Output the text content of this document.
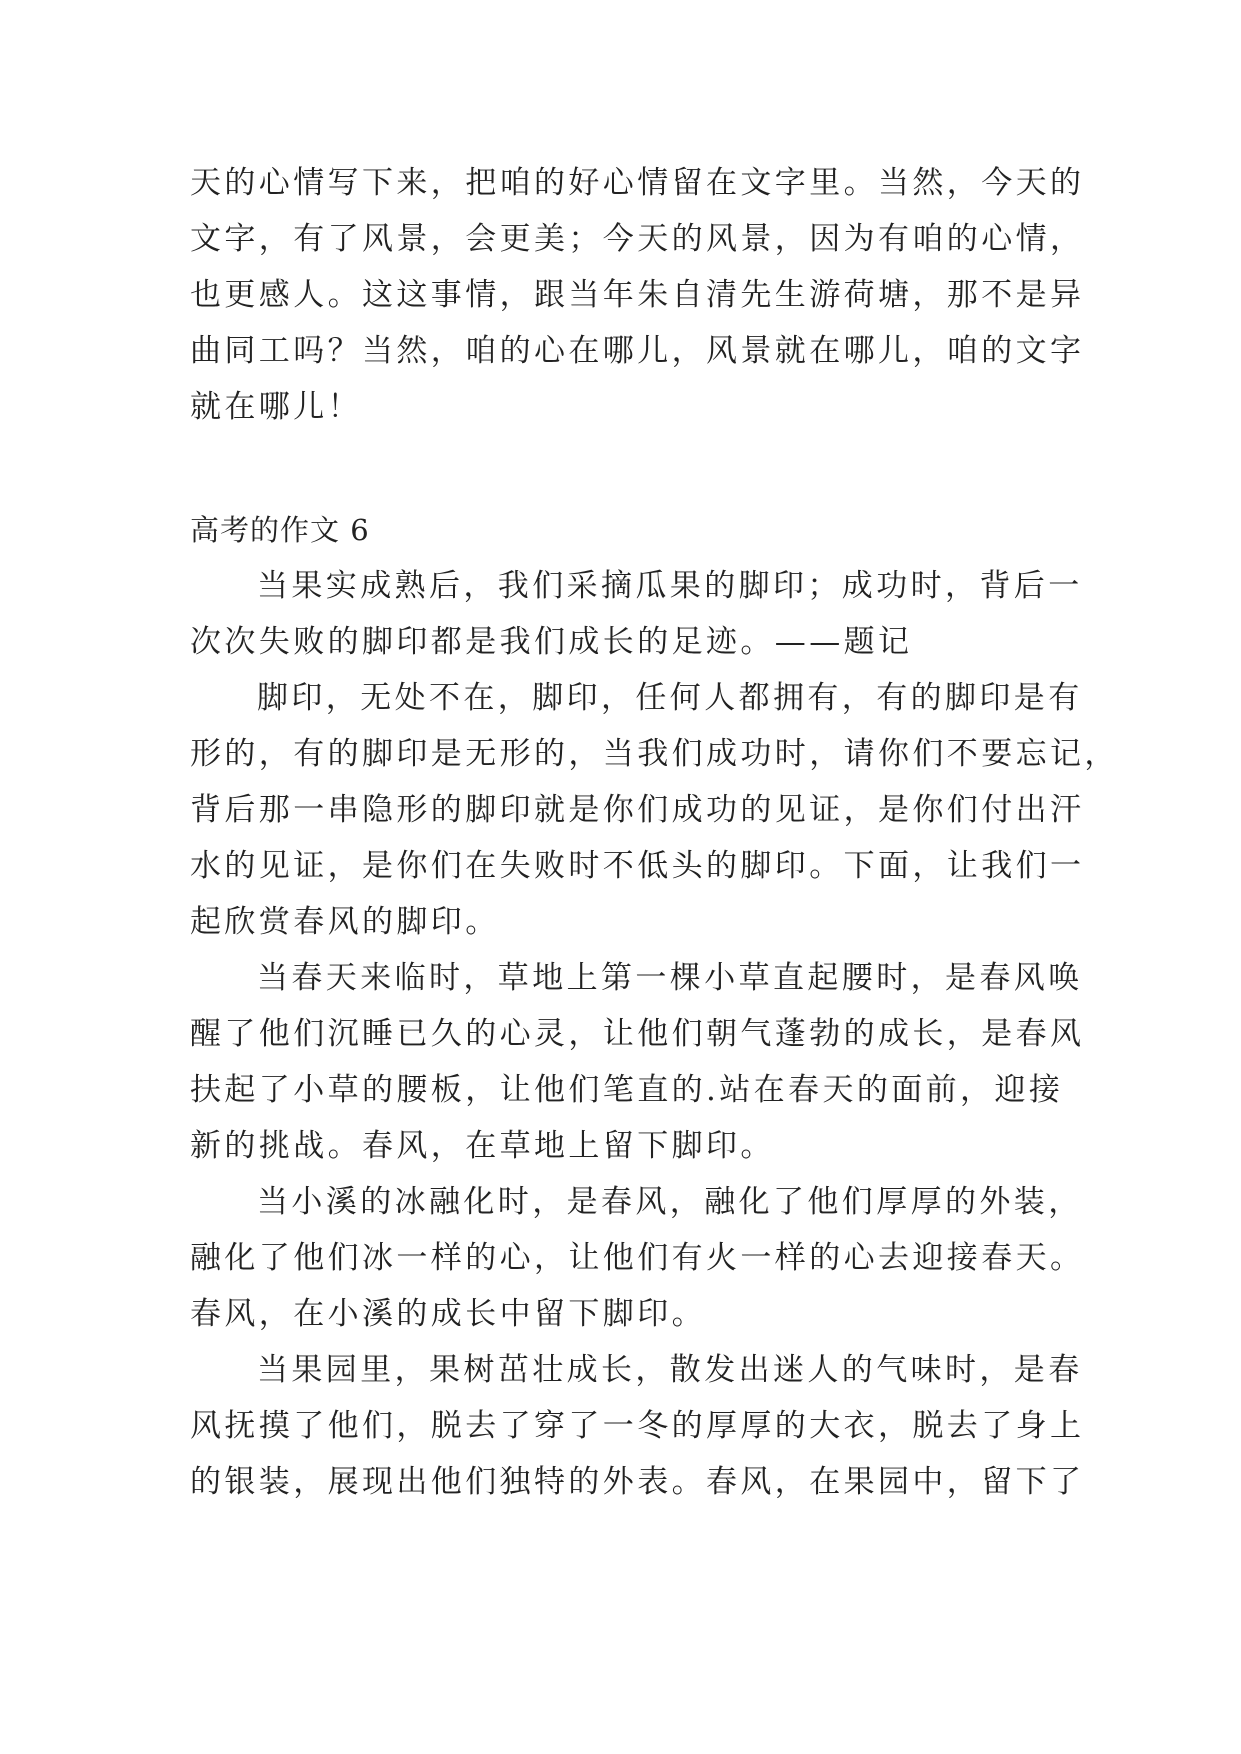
天的心情写下来，把咱的好心情留在文字里。当然，今天的
文字，有了风景，会更美；今天的风景，因为有咱的心情，
也更感人。这这事情，跟当年朱自清先生游荷塘，那不是异
曲同工吗？当然，咱的心在哪儿，风景就在哪儿，咱的文字
就在哪儿！
高考的作文 6
当果实成熟后，我们采摘瓜果的脚印；成功时，背后一
次次失败的脚印都是我们成长的足迹。——题记
脚印，无处不在，脚印，任何人都拥有，有的脚印是有
形的，有的脚印是无形的，当我们成功时，请你们不要忘记，
背后那一串隐形的脚印就是你们成功的见证，是你们付出汗
水的见证，是你们在失败时不低头的脚印。下面，让我们一
起欣赏春风的脚印。
当春天来临时，草地上第一棵小草直起腰时，是春风唤
醒了他们沉睡已久的心灵，让他们朝气蓬勃的成长，是春风
扶起了小草的腰板，让他们笔直的.站在春天的面前，迎接
新的挑战。春风，在草地上留下脚印。
当小溪的冰融化时，是春风，融化了他们厚厚的外装，
融化了他们冰一样的心，让他们有火一样的心去迎接春天。
春风，在小溪的成长中留下脚印。
当果园里，果树茁壮成长，散发出迷人的气味时，是春
风抚摸了他们，脱去了穿了一冬的厚厚的大衣，脱去了身上
的银装，展现出他们独特的外表。春风，在果园中，留下了
